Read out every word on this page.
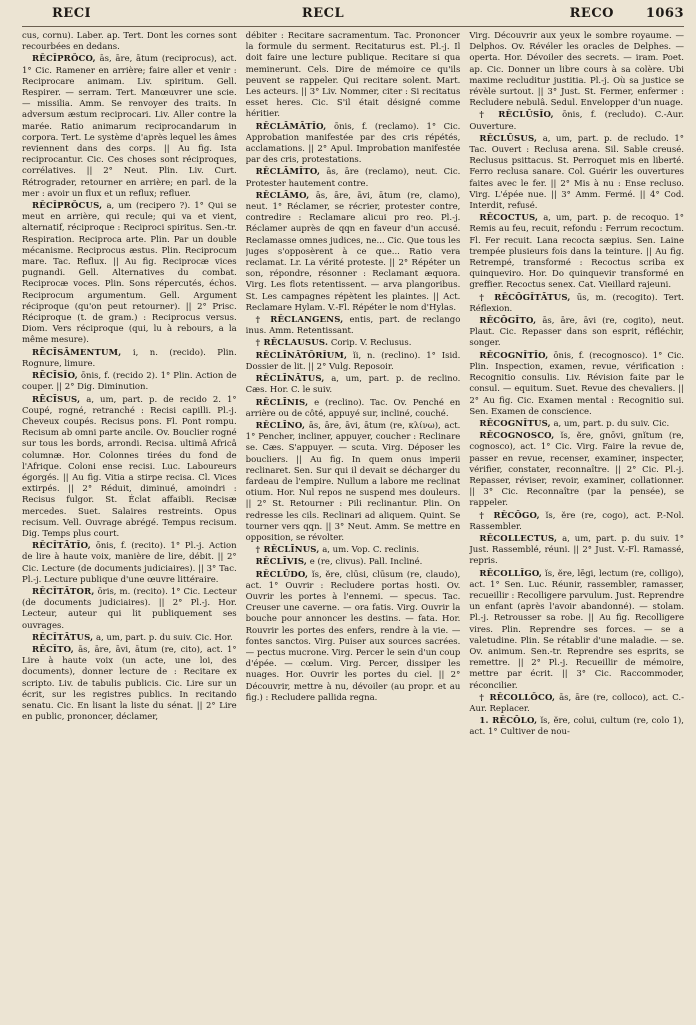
RECI	RECL	RECO	1063

cus, cornu). Laber. ap. Tert. Dont les cornes sont recourbées en dedans.

RĔCĬPRŎCO, ās, āre, ātum (reciprocus), act. 1° Cic. Ramener en arrière; faire aller et venir : Reciprocare animam. Liv. spiritum. Gell. Respirer. — serram. Tert. Manœuvrer une scie. — missilia. Amm. Se renvoyer des traits. In adversum æstum reciprocari. Liv. Aller contre la marée. Ratio animarum reciprocandarum in corpora. Tert. Le système d'après lequel les âmes reviennent dans des corps. || Au fig. Ista reciprocantur. Cic. Ces choses sont réciproques, corrélatives. || 2° Neut. Plin. Liv. Curt. Rétrograder, retourner en arrière; en parl. de la mer : avoir un flux et un reflux; refluer.

RĔCĬPRŎCUS, a, um (recipero ?). 1° Qui se meut en arrière, qui recule; qui va et vient, alternatif, réciproque : Reciproci spiritus. Sen.-tr. Respiration. Reciproca arte. Plin. Par un double mécanisme. Reciprocus æstus. Plin. Reciprocum mare. Tac. Reflux. || Au fig. Reciprocæ vices pugnandi. Gell. Alternatives du combat. Reciprocæ voces. Plin. Sons répercutés, échos. Reciprocum argumentum. Gell. Argument réciproque (qu'on peut retourner). || 2° Prisc. Réciproque (t. de gram.) : Reciprocus versus. Diom. Vers réciproque (qui, lu à rebours, a la même mesure).

RĒCĪSĀMENTUM, i, n. (recido). Plin. Rognure, limure.

RĒCĪSĬO, ōnis, f. (recido 2). 1° Plin. Action de couper. || 2° Dig. Diminution.

RĒCĪSUS, a, um, part. p. de recido 2. 1° Coupé, rogné, retranché : Recisi capilli. Pl.-j. Cheveux coupés. Recisus pons. Fl. Pont rompu. Recisum ab omni parte ancile. Ov. Bouclier rogné sur tous les bords, arrondi. Recisa. ultimâ Africâ columnæ. Hor. Colonnes tirées du fond de l'Afrique. Coloni ense recisi. Luc. Laboureurs égorgés. || Au fig. Vitia a stirpe recisa. Cl. Vices extirpés. || 2° Réduit, diminué, amoindri : Recisus fulgor. St. Éclat affaibli. Recisæ mercedes. Suet. Salaires restreints. Opus recisum. Vell. Ouvrage abrégé. Tempus recisum. Dig. Temps plus court.

RĔCĬTĀTĬO, ōnis, f. (recito). 1° Pl.-j. Action de lire à haute voix, manière de lire, débit. || 2° Cic. Lecture (de documents judiciaires). || 3° Tac. Pl.-j. Lecture publique d'une œuvre littéraire.

RĔCĬTĀTOR, ōris, m. (recito). 1° Cic. Lecteur (de documents judiciaires). || 2° Pl.-j. Hor. Lecteur, auteur qui lit publiquement ses ouvrages.

RĔCĬTĀTUS, a, um, part. p. du suiv. Cic. Hor.

RĔCĬTO, ās, āre, āvi, ātum (re, cito), act. 1° Lire à haute voix (un acte, une loi, des documents), donner lecture de : Recitare ex scripto. Liv. de tabulis publicis. Cic. Lire sur un écrit, sur les registres publics. In recitando senatu. Cic. En lisant la liste du sénat. || 2° Lire en public, prononcer, déclamer,

débiter : Recitare sacramentum. Tac. Prononcer la formule du serment. Recitaturus est. Pl.-j. Il doit faire une lecture publique. Recitare si qua meminerunt. Cels. Dire de mémoire ce qu'ils peuvent se rappeler. Qui recitare solent. Mart. Les acteurs. || 3° Liv. Nommer, citer : Si recitatus esset heres. Cic. S'il était désigné comme héritier.

RĔCLĀMĀTĬO, ōnis, f. (reclamo). 1° Cic. Approbation manifestée par des cris répétés, acclamations. || 2° Apul. Improbation manifestée par des cris, protestations.

RĔCLĀMĬTO, ās, āre (reclamo), neut. Cic. Protester hautement contre.

RĔCLĀMO, ās, āre, āvi, ātum (re, clamo), neut. 1° Réclamer, se récrier, protester contre, contredire : Reclamare alicui pro reo. Pl.-j. Réclamer auprès de qqn en faveur d'un accusé. Reclamasse omnes judices, ne... Cic. Que tous les juges s'opposèrent à ce que... Ratio vera reclamat. Lr. La vérité proteste. || 2° Répéter un son, répondre, résonner : Reclamant æquora. Virg. Les flots retentissent. — arva plangoribus. St. Les campagnes répètent les plaintes. || Act. Reclamare Hylam. V.-Fl. Répéter le nom d'Hylas.

† RĔCLANGENS, entis, part. de reclango inus. Amm. Retentissant.

† RĔCLAUSUS. Corip. V. Reclusus.

RĔCLĪNĀTŌRĬUM, ĭi, n. (reclino). 1° Isid. Dossier de lit. || 2° Vulg. Reposoir.

RĔCLĪNĀTUS, a, um, part. p. de reclino. Cæs. Hor. C. le suiv.

RĔCLĪNIS, e (reclino). Tac. Ov. Penché en arrière ou de côté, appuyé sur, incliné, couché.

RĔCLĪNO, ās, āre, āvi, ātum (re, κλίνω), act. 1° Pencher, incliner, appuyer, coucher : Reclinare se. Cæs. S'appuyer. — scuta. Virg. Déposer les boucliers. || Au fig. In quem onus imperii reclinaret. Sen. Sur qui il devait se décharger du fardeau de l'empire. Nullum a labore me reclinat otium. Hor. Nul repos ne suspend mes douleurs. || 2° St. Retourner : Pili reclinantur. Plin. On redresse les cils. Reclinari ad aliquem. Quint. Se tourner vers qqn. || 3° Neut. Amm. Se mettre en opposition, se révolter.

† RĔCLĪNUS, a, um. Vop. C. reclinis.

RĔCLĪVIS, e (re, clivus). Pall. Incliné.

RĔCLŪDO, ĭs, ĕre, clūsi, clūsum (re, claudo), act. 1° Ouvrir : Recludere portas hosti. Ov. Ouvrir les portes à l'ennemi. — specus. Tac. Creuser une caverne. — ora fatis. Virg. Ouvrir la bouche pour annoncer les destins. — fata. Hor. Rouvrir les portes des enfers, rendre à la vie. — fontes sanctos. Virg. Puiser aux sources sacrées. — pectus mucrone. Virg. Percer le sein d'un coup d'épée. — cœlum. Virg. Percer, dissiper les nuages. Hor. Ouvrir les portes du ciel. || 2° Découvrir, mettre à nu, dévoiler (au propr. et au fig.) : Recludere pallida regna.

Virg. Découvrir aux yeux le sombre royaume. — Delphos. Ov. Révéler les oracles de Delphes. — operta. Hor. Dévoiler des secrets. — iram. Poet. ap. Cic. Donner un libre cours à sa colère. Ubi maxime recluditur justitia. Pl.-j. Où sa justice se révèle surtout. || 3° Just. St. Fermer, enfermer : Recludere nebulâ. Sedul. Envelopper d'un nuage.

† RĔCLŪSĬO, ōnis, f. (recludo). C.-Aur. Ouverture.

RĔCLŪSUS, a, um, part. p. de recludo. 1° Tac. Ouvert : Reclusa arena. Sil. Sable creusé. Reclusus psittacus. St. Perroquet mis en liberté. Ferro reclusa sanare. Col. Guérir les ouvertures faites avec le fer. || 2° Mis à nu : Ense recluso. Virg. L'épée nue. || 3° Amm. Fermé. || 4° Cod. Interdit, refusé.

RĔCOCTUS, a, um, part. p. de recoquo. 1° Remis au feu, recuit, refondu : Ferrum recoctum. Fl. Fer recuit. Lana recocta sæpius. Sen. Laine trempée plusieurs fois dans la teinture. || Au fig. Retrempé, transformé : Recoctus scriba ex quinqueviro. Hor. Do quinquevir transformé en greffier. Recoctus senex. Cat. Vieillard rajeuni.

† RĔCŌGĬTĀTUS, ūs, m. (recogito). Tert. Réflexion.

RĔCŌGĬTO, ās, āre, āvi (re, cogito), neut. Plaut. Cic. Repasser dans son esprit, réfléchir, songer.

RĔCOGNĬTĬO, ōnis, f. (recognosco). 1° Cic. Plin. Inspection, examen, revue, vérification : Recognitio consulis. Liv. Révision faite par le consul. — equitum. Suet. Revue des chevaliers. || 2° Au fig. Cic. Examen mental : Recognitio sui. Sen. Examen de conscience.

RĔCOGNĬTUS, a, um, part. p. du suiv. Cic.

RĔCOGNOSCO, ĭs, ĕre, gnōvi, gnĭtum (re, cognosco), act. 1° Cic. Virg. Faire la revue de, passer en revue, recenser, examiner, inspecter, vérifier, constater, reconnaître. || 2° Cic. Pl.-j. Repasser, réviser, revoir, examiner, collationner. || 3° Cic. Reconnaître (par la pensée), se rappeler.

† RĔCŌGO, ĭs, ĕre (re, cogo), act. P.-Nol. Rassembler.

RĔCOLLECTUS, a, um, part. p. du suiv. 1° Just. Rassemblé, réuni. || 2° Just. V.-Fl. Ramassé, repris.

RĔCOLLĬGO, ĭs, ĕre, lēgi, lectum (re, colligo), act. 1° Sen. Luc. Réunir, rassembler, ramasser, recueillir : Recolligere parvulum. Just. Reprendre un enfant (après l'avoir abandonné). — stolam. Pl.-j. Retrousser sa robe. || Au fig. Recolligere vires. Plin. Reprendre ses forces. — se a valetudine. Plin. Se rétablir d'une maladie. — se. Ov. animum. Sen.-tr. Reprendre ses esprits, se remettre. || 2° Pl.-j. Recueillir de mémoire, mettre par écrit. || 3° Cic. Raccommoder, réconcilier.

† RĔCOLLŎCO, ās, āre (re, colloco), act. C.-Aur. Replacer.

1. RĔCŌLO, ĭs, ĕre, colui, cultum (re, colo 1), act. 1° Cultiver de nou-
